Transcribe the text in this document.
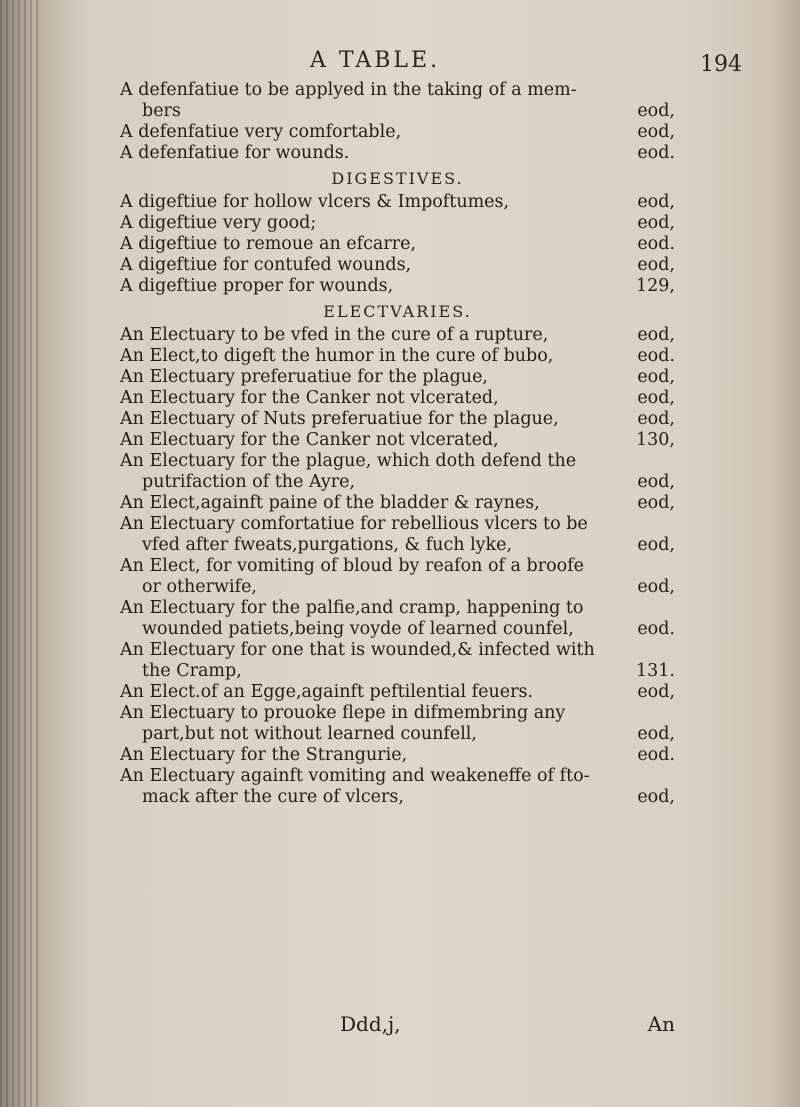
A TABLE.	194
A defenfatiue to be applyed in the taking of a mem-
bers	eod,
A defenfatiue very comfortable,	eod,
A defenfatiue for wounds.	eod.
DIGESTIVES.
A digeftiue for hollow vlcers & Impoftumes,	eod,
A digeftiue very good;	eod,
A digeftiue to remoue an efcarre,	eod.
A digeftiue for contufed wounds,	eod,
A digeftiue proper for wounds,	129,
ELECTVARIES.
An Electuary to be vfed in the cure of a rupture,	eod,
An Elect,to digeft the humor in the cure of bubo,	eod.
An Electuary preferuatiue for the plague,	eod,
An Electuary for the Canker not vlcerated,	eod,
An Electuary of Nuts preferuatiue for the plague,	eod,
An Electuary for the Canker not vlcerated,	130,
An Electuary for the plague, which doth defend the
putrifaction of the Ayre,	eod,
An Elect,againft paine of the bladder & raynes,	eod,
An Electuary comfortatiue for rebellious vlcers to be
vfed after fweats,purgations, & fuch lyke,	eod,
An Elect, for vomiting of bloud by reafon of a broofe
or otherwife,	eod,
An Electuary for the palfie,and cramp, happening to
wounded patiets,being voyde of learned counfel,	eod.
An Electuary for one that is wounded,& infected with
the Cramp,	131.
An Elect.of an Egge,againft peftilential feuers.	eod,
An Electuary to prouoke flepe in difmembring any
part,but not without learned counfell,	eod,
An Electuary for the Strangurie,	eod.
An Electuary againft vomiting and weakeneffe of fto-
mack after the cure of vlcers,	eod,
Ddd,j,	An
